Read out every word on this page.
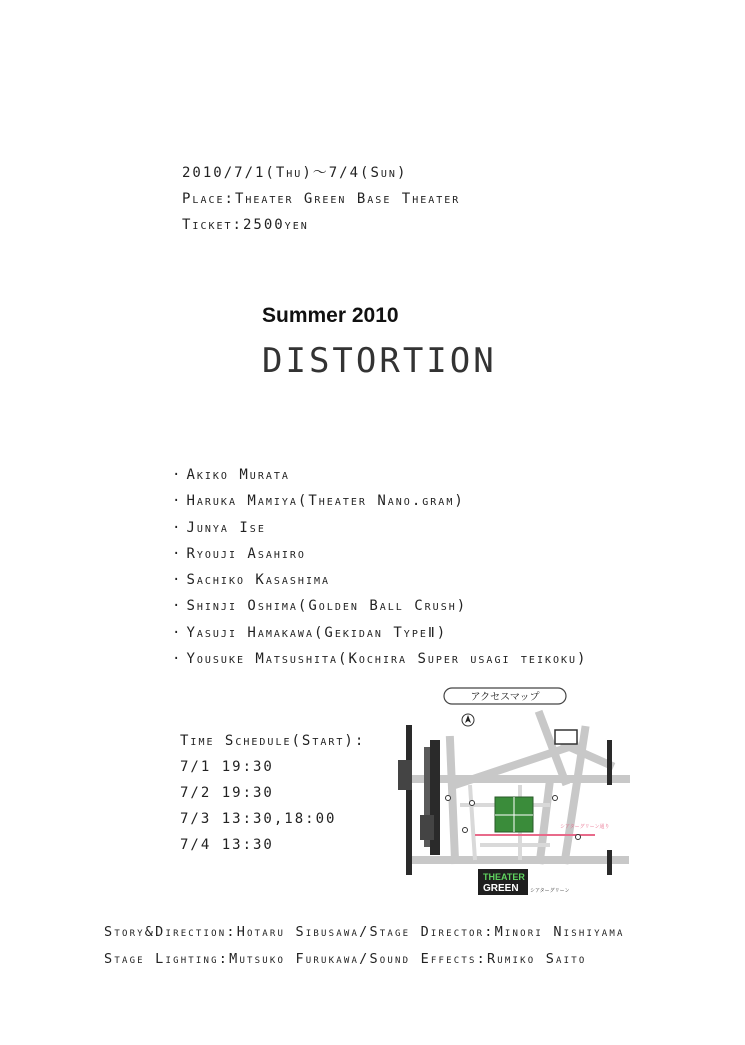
2010/7/1(Thu)〜7/4(Sun)
Place:Theater Green Base Theater
Ticket:2500yen
Summer 2010
DISTORTION
· Akiko Murata
· Haruka Mamiya(Theater Nano.gram)
· Junya Ise
· Ryouji Asahiro
· Sachiko Kasashima
· Shinji Oshima(Golden Ball Crush)
· Yasuji Hamakawa(Gekidan TypeⅡ)
· Yousuke Matsushita(Kochira Super usagi teikoku)
Time Schedule(Start):
7/1 19:30
7/2 19:30
7/3 13:30,18:00
7/4 13:30
アクセスマップ
シアターグリーン通り
THEATER
GREEN シアターグリーン
Story&Direction:Hotaru Sibusawa/Stage Director:Minori Nishiyama
Stage Lighting:Mutsuko Furukawa/Sound Effects:Rumiko Saito
